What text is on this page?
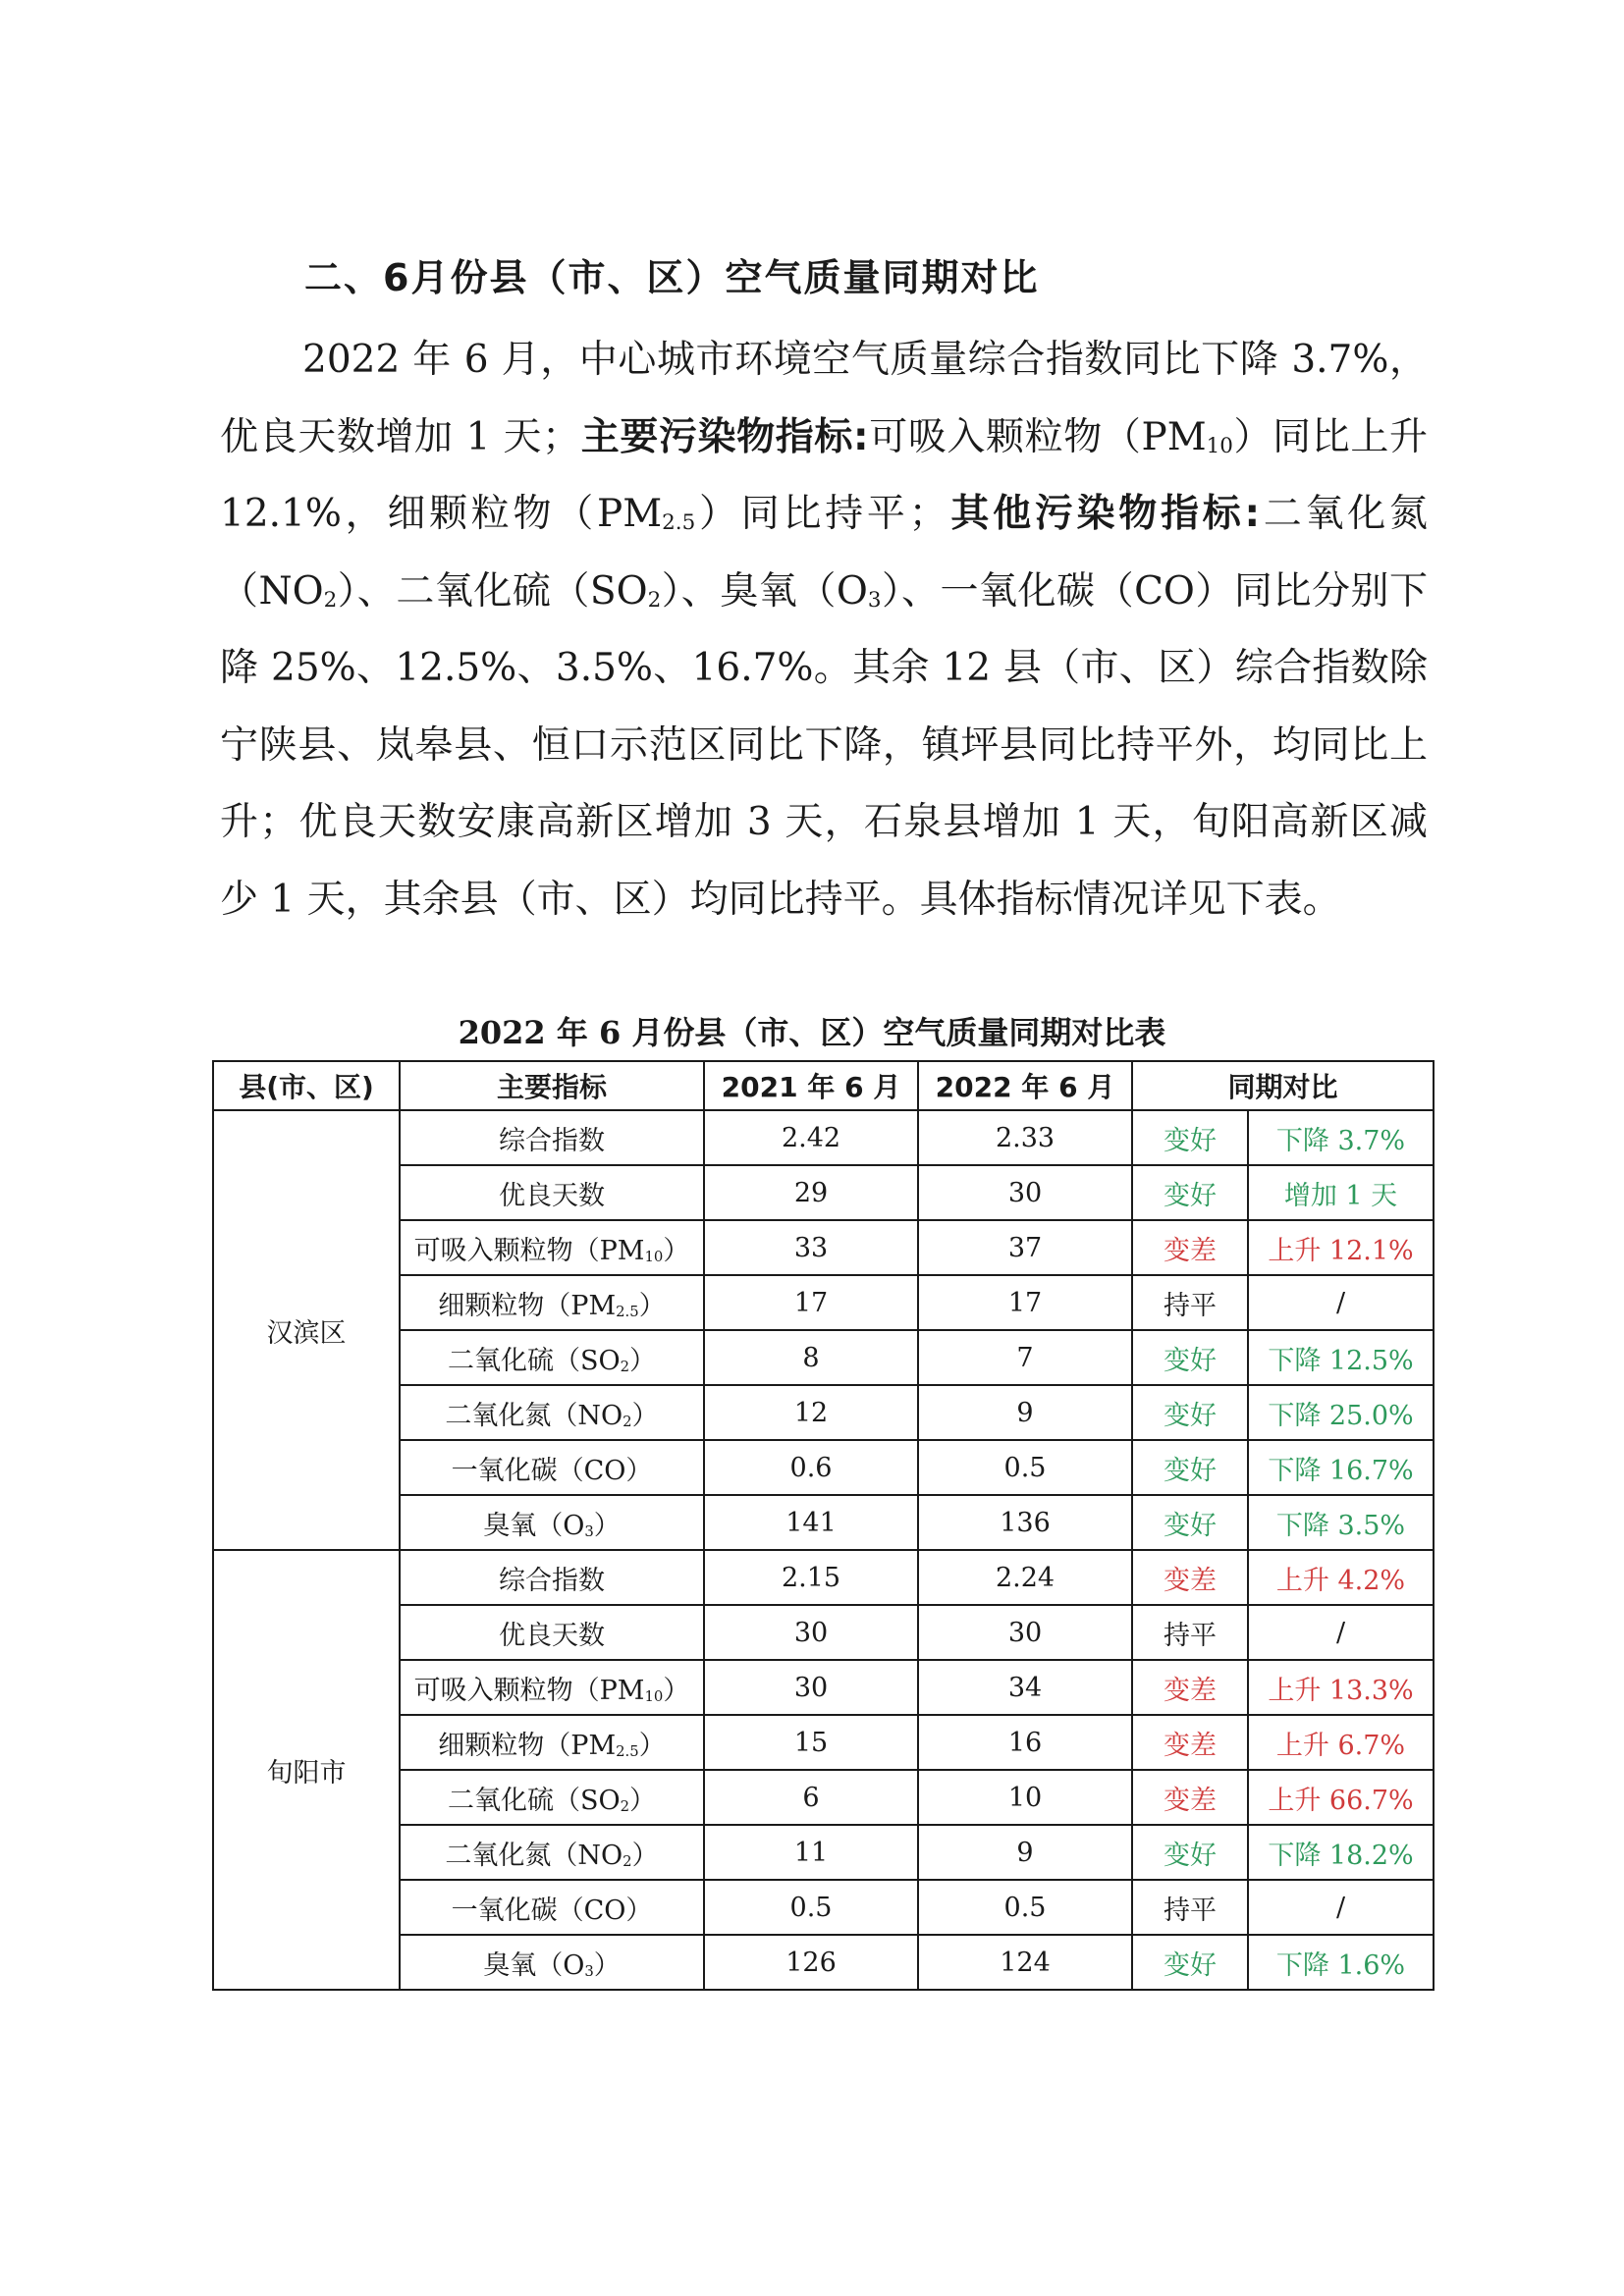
二、6月份县（市、区）空气质量同期对比

2022 年 6 月，中心城市环境空气质量综合指数同比下降 3.7%，优良天数增加 1 天；主要污染物指标:可吸入颗粒物$(PM_{10})$同比上升 12.1%，细颗粒物$(PM_{2.5})$同比持平；其他污染物指标:二氧化氮$(NO_2)$、二氧化硫$(SO_2)$、臭氧$(O_3)$、一氧化碳（CO）同比分别下降 25%、12.5%、3.5%、16.7%。其余 12 县（市、区）综合指数除宁陕县、岚皋县、恒口示范区同比下降，镇坪县同比持平外，均同比上升；优良天数安康高新区增加 3 天，石泉县增加 1 天，旬阳高新区减少 1 天，其余县（市、区）均同比持平。具体指标情况详见下表。

2022 年 6 月份县（市、区）空气质量同期对比表
县(市、区)	主要指标	2021 年 6 月	2022 年 6 月	同期对比	
汉滨区	综合指数	2.42	2.33	变好	下降 3.7%
	优良天数	29	30	变好	增加 1 天
	可吸入颗粒物$(PM_{10})$	33	37	变差	上升 12.1%
	细颗粒物$(PM_{2.5})$	17	17	持平	/
	二氧化硫$(SO_2)$	8	7	变好	下降 12.5%
	二氧化氮$(NO_2)$	12	9	变好	下降 25.0%
	一氧化碳（CO）	0.6	0.5	变好	下降 16.7%
	臭氧$(O_3)$	141	136	变好	下降 3.5%
旬阳市	综合指数	2.15	2.24	变差	上升 4.2%
	优良天数	30	30	持平	/
	可吸入颗粒物$(PM_{10})$	30	34	变差	上升 13.3%
	细颗粒物$(PM_{2.5})$	15	16	变差	上升 6.7%
	二氧化硫$(SO_2)$	6	10	变差	上升 66.7%
	二氧化氮$(NO_2)$	11	9	变好	下降 18.2%
	一氧化碳（CO）	0.5	0.5	持平	/
	臭氧$(O_3)$	126	124	变好	下降 1.6%
